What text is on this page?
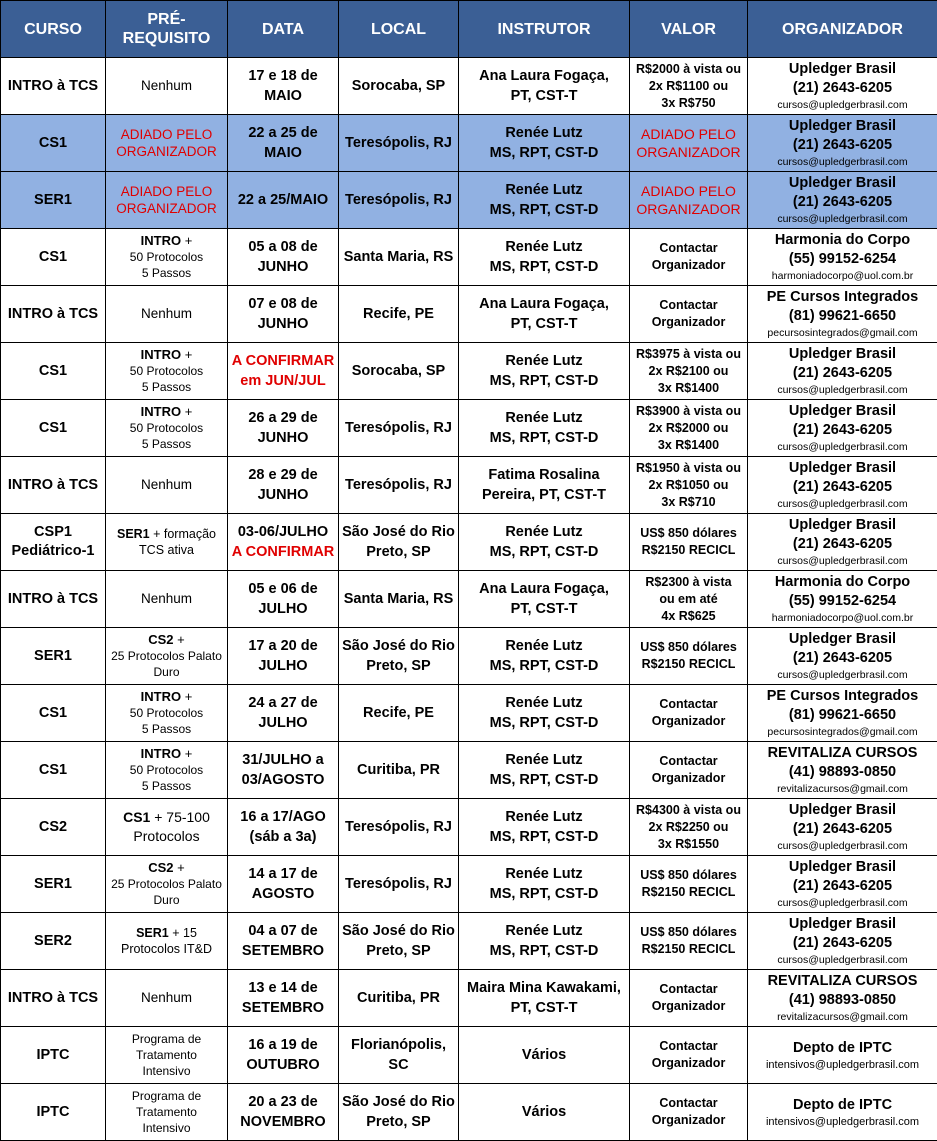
CURSO	PRÉ-
REQUISITO	DATA	LOCAL	INSTRUTOR	VALOR	ORGANIZADOR
INTRO à TCS	Nenhum	17 e 18 de
MAIO	Sorocaba, SP	Ana Laura Fogaça,
PT, CST-T	R$2000 à vista ou
2x R$1100 ou
3x R$750	Upledger Brasil
(21) 2643-6205
cursos@upledgerbrasil.com

CS1	ADIADO PELO
ORGANIZADOR	22 a 25 de
MAIO	Teresópolis, RJ	Renée Lutz
MS, RPT, CST-D	ADIADO PELO
ORGANIZADOR	Upledger Brasil
(21) 2643-6205
cursos@upledgerbrasil.com

SER1	ADIADO PELO
ORGANIZADOR	22 a 25/MAIO	Teresópolis, RJ	Renée Lutz
MS, RPT, CST-D	ADIADO PELO
ORGANIZADOR	Upledger Brasil
(21) 2643-6205
cursos@upledgerbrasil.com

CS1	INTRO +
50 Protocolos
5 Passos	05 a 08 de
JUNHO	Santa Maria, RS	Renée Lutz
MS, RPT, CST-D	Contactar
Organizador	Harmonia do Corpo
(55) 99152-6254
harmoniadocorpo@uol.com.br

INTRO à TCS	Nenhum	07 e 08 de
JUNHO	Recife, PE	Ana Laura Fogaça,
PT, CST-T	Contactar
Organizador	PE Cursos Integrados
(81) 99621-6650
pecursosintegrados@gmail.com

CS1	INTRO +
50 Protocolos
5 Passos	A CONFIRMAR
em JUN/JUL	Sorocaba, SP	Renée Lutz
MS, RPT, CST-D	R$3975 à vista ou
2x R$2100 ou
3x R$1400	Upledger Brasil
(21) 2643-6205
cursos@upledgerbrasil.com

CS1	INTRO +
50 Protocolos
5 Passos	26 a 29 de
JUNHO	Teresópolis, RJ	Renée Lutz
MS, RPT, CST-D	R$3900 à vista ou
2x R$2000 ou
3x R$1400	Upledger Brasil
(21) 2643-6205
cursos@upledgerbrasil.com

INTRO à TCS	Nenhum	28 e 29 de
JUNHO	Teresópolis, RJ	Fatima Rosalina
Pereira, PT, CST-T	R$1950 à vista ou
2x R$1050 ou
3x R$710	Upledger Brasil
(21) 2643-6205
cursos@upledgerbrasil.com

CSP1 Pediátrico-1	SER1 + formação
TCS ativa	03-06/JULHO
A CONFIRMAR	São José do Rio Preto, SP	Renée Lutz
MS, RPT, CST-D	US$ 850 dólares
R$2150 RECICL	Upledger Brasil
(21) 2643-6205
cursos@upledgerbrasil.com

INTRO à TCS	Nenhum	05 e 06 de
JULHO	Santa Maria, RS	Ana Laura Fogaça,
PT, CST-T	R$2300 à vista
ou em até
4x R$625	Harmonia do Corpo
(55) 99152-6254
harmoniadocorpo@uol.com.br

SER1	CS2 +
25 Protocolos Palato
Duro	17 a 20 de
JULHO	São José do Rio Preto, SP	Renée Lutz
MS, RPT, CST-D	US$ 850 dólares
R$2150 RECICL	Upledger Brasil
(21) 2643-6205
cursos@upledgerbrasil.com

CS1	INTRO +
50 Protocolos
5 Passos	24 a 27 de
JULHO	Recife, PE	Renée Lutz
MS, RPT, CST-D	Contactar
Organizador	PE Cursos Integrados
(81) 99621-6650
pecursosintegrados@gmail.com

CS1	INTRO +
50 Protocolos
5 Passos	31/JULHO a
03/AGOSTO	Curitiba, PR	Renée Lutz
MS, RPT, CST-D	Contactar
Organizador	REVITALIZA CURSOS
(41) 98893-0850
revitalizacursos@gmail.com

CS2	CS1 + 75-100
Protocolos	16 a 17/AGO
(sáb a 3a)	Teresópolis, RJ	Renée Lutz
MS, RPT, CST-D	R$4300 à vista ou
2x R$2250 ou
3x R$1550	Upledger Brasil
(21) 2643-6205
cursos@upledgerbrasil.com

SER1	CS2 +
25 Protocolos Palato
Duro	14 a 17 de
AGOSTO	Teresópolis, RJ	Renée Lutz
MS, RPT, CST-D	US$ 850 dólares
R$2150 RECICL	Upledger Brasil
(21) 2643-6205
cursos@upledgerbrasil.com

SER2	SER1 + 15
Protocolos IT&D	04 a 07 de
SETEMBRO	São José do Rio Preto, SP	Renée Lutz
MS, RPT, CST-D	US$ 850 dólares
R$2150 RECICL	Upledger Brasil
(21) 2643-6205
cursos@upledgerbrasil.com

INTRO à TCS	Nenhum	13 e 14 de
SETEMBRO	Curitiba, PR	Maira Mina Kawakami,
PT, CST-T	Contactar
Organizador	REVITALIZA CURSOS
(41) 98893-0850
revitalizacursos@gmail.com

IPTC	Programa de
Tratamento
Intensivo	16 a 19 de
OUTUBRO	Florianópolis, SC	Vários	Contactar
Organizador	Depto de IPTC
intensivos@upledgerbrasil.com

IPTC	Programa de
Tratamento
Intensivo	20 a 23 de
NOVEMBRO	São José do Rio Preto, SP	Vários	Contactar
Organizador	Depto de IPTC
intensivos@upledgerbrasil.com
